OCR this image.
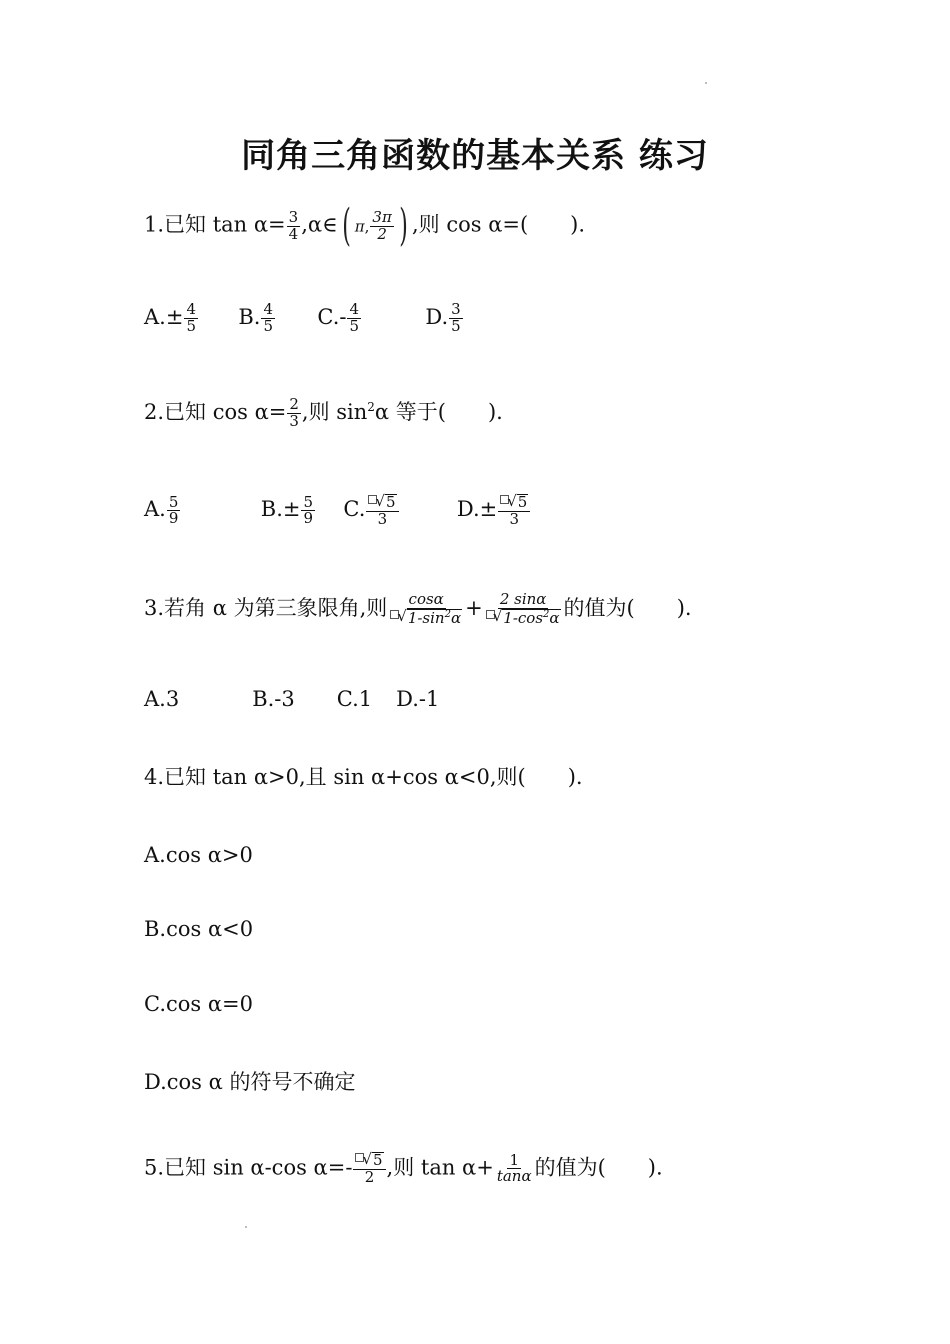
同角三角函数的基本关系 练习
1.已知 $\tan \alpha= \frac{3}{4}$ ,α∈( π, $\frac{3\pi}{2}$ ) ,则 cos α=(　　).
$A.\pm \frac{4}{5} B$. $\frac{4}{5} C.- \frac{4}{5}$	D. $\frac{3}{5}$
2.已知 $\cos \alpha= \frac{2}{3}$ ,则 $\sin^2\alpha$ 等于(　　).
A. $\frac{5}{9}$	$B.\pm \frac{5}{9} C$. $\frac{√ 5}{3}$	$D.\pm \frac{√ 5}{3}$
3.若角 α 为第三象限角,则 $\frac{\cos\alpha}{√ 1-\sin^2\alpha} + \frac{2 \sin\alpha}{√ 1-\cos^2\alpha}$ 的值为(　　).
A.3	B.-3 C.1 D.-1
4.已知 tan α>0,且 sin α+cos α<0,则(　　).
A.cos α>0
B.cos α<0
C.cos α=0
D.cos α 的符号不确定
5.已知 sin α-cos $\alpha=- \frac{√ 5}{2}$ ,则 $\tan \alpha+ \frac{1}{\tan\alpha}$ 的值为(　　).
